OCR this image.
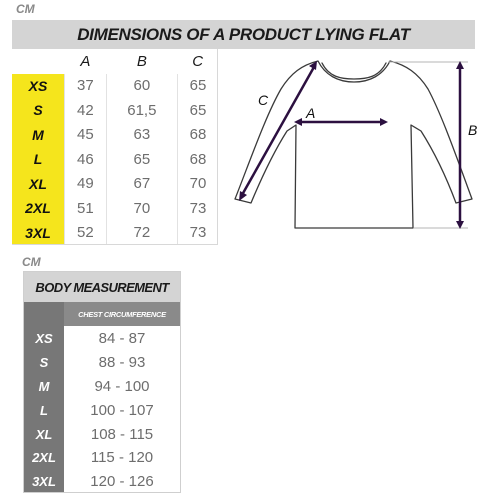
CM
DIMENSIONS OF A PRODUCT LYING FLAT
	A	B	C
XS	37	60	65
S	42	61,5	65
M	45	63	68
L	46	65	68
XL	49	67	70
2XL	51	70	73
3XL	52	72	73
A
B
C
CM
BODY MEASUREMENT
CHEST CIRCUMFERENCE
XS	84 - 87
S	88 - 93
M	94 - 100
L	100 - 107
XL	108 - 115
2XL	115 - 120
3XL	120 - 126
